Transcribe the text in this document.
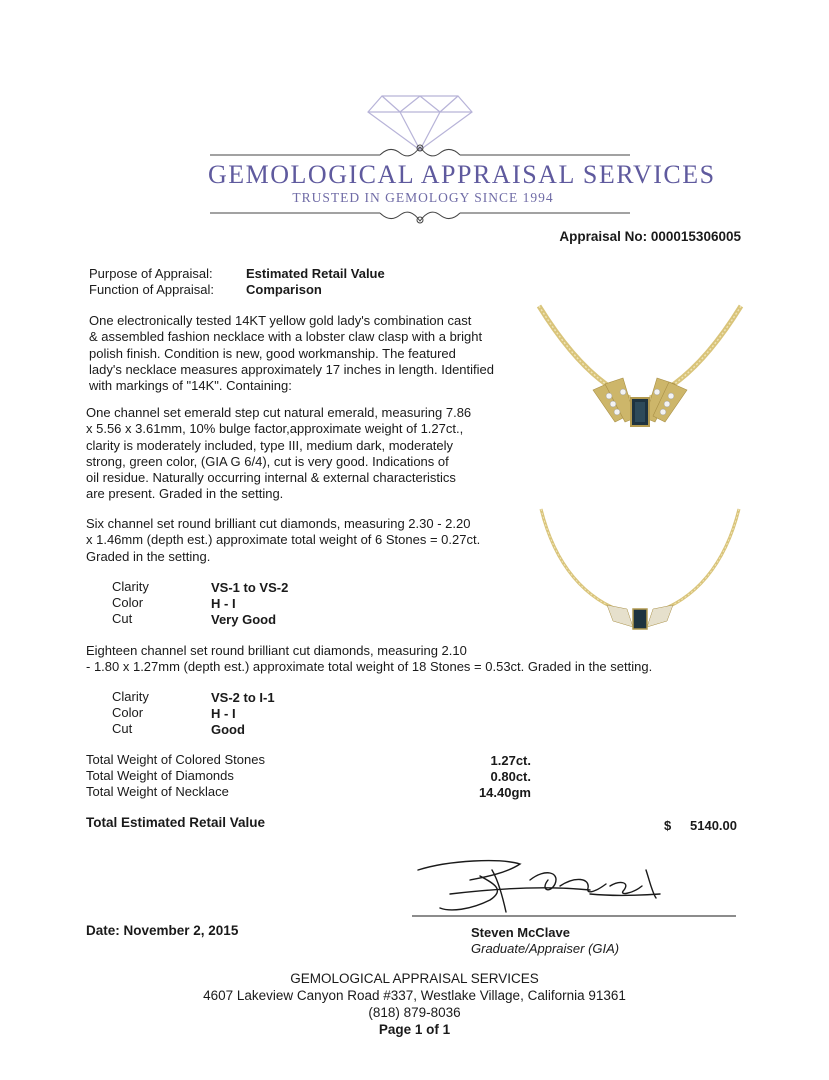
GEMOLOGICAL APPRAISAL SERVICES
TRUSTED IN GEMOLOGY SINCE 1994
Appraisal No: 000015306005
Purpose of Appraisal:	Estimated Retail Value
Function of Appraisal: Comparison
One electronically tested 14KT yellow gold lady's combination cast
& assembled fashion necklace with a lobster claw clasp with a bright
polish finish. Condition is new, good workmanship. The featured
lady's necklace measures approximately 17 inches in length. Identified
with markings of "14K". Containing:
One channel set emerald step cut natural emerald, measuring 7.86
x 5.56 x 3.61mm, 10% bulge factor,approximate weight of 1.27ct.,
clarity is moderately included, type III, medium dark, moderately
strong, green color, (GIA G 6/4), cut is very good. Indications of
oil residue. Naturally occurring internal & external characteristics
are present. Graded in the setting.
Six channel set round brilliant cut diamonds, measuring 2.30 - 2.20
x 1.46mm (depth est.) approximate total weight of 6 Stones = 0.27ct.
Graded in the setting.
Clarity	VS-1 to VS-2
Color	H - I
Cut	Very Good
Eighteen channel set round brilliant cut diamonds, measuring 2.10
- 1.80 x 1.27mm (depth est.) approximate total weight of 18 Stones = 0.53ct. Graded in the setting.
Clarity	VS-2 to I-1
Color	H - I
Cut	Good
Total Weight of Colored Stones	1.27ct.
Total Weight of Diamonds	0.80ct.
Total Weight of Necklace	14.40gm
Total Estimated Retail Value	$ 5140.00
Date: November 2, 2015	Steven McClave
Graduate/Appraiser (GIA)
GEMOLOGICAL APPRAISAL SERVICES
4607 Lakeview Canyon Road #337, Westlake Village, California 91361
(818) 879-8036
Page 1 of 1
